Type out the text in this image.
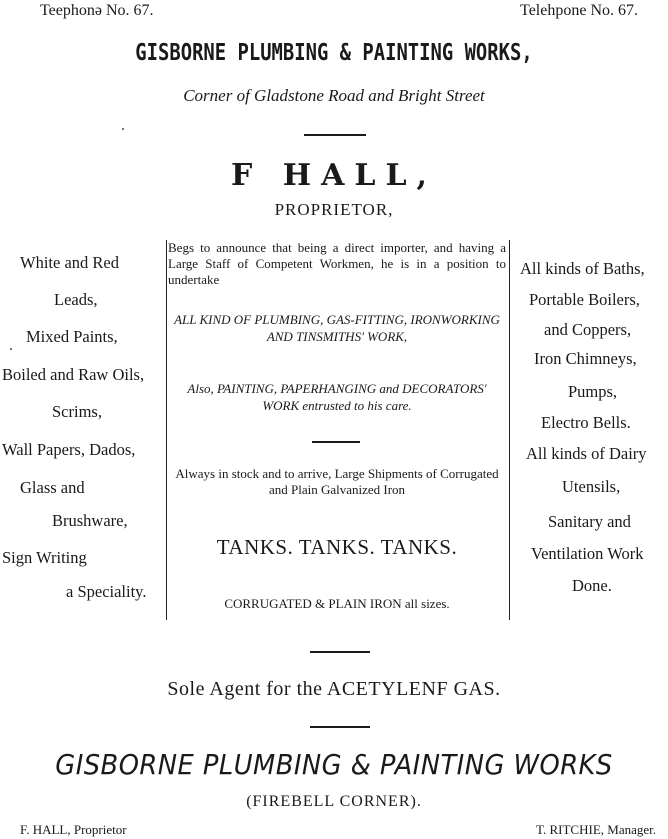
Teephonə No. 67.	Telehpone No. 67.
GISBORNE PLUMBING & PAINTING WORKS,
Corner of Gladstone Road and Bright Street
F HALL,
PROPRIETOR,
White and Red
Leads,
Mixed Paints,
Boiled and Raw Oils,
Scrims,
Wall Papers, Dados,
Glass and
Brushware,
Sign Writing
a Speciality.
Begs to announce that being a direct importer, and having a Large Staff of Competent Workmen, he is in a position to undertake
ALL KIND OF PLUMBING, GAS-FITTING, IRONWORKING AND TINSMITHS' WORK,
Also, PAINTING, PAPERHANGING and DECORATORS' WORK entrusted to his care.
Always in stock and to arrive, Large Shipments of Corrugated and Plain Galvanized Iron
TANKS. TANKS. TANKS.
CORRUGATED & PLAIN IRON all sizes.
All kinds of Baths,
Portable Boilers,
and Coppers,
Iron Chimneys,
Pumps,
Electro Bells.
All kinds of Dairy
Utensils,
Sanitary and
Ventilation Work
Done.
Sole Agent for the ACETYLENF GAS.
GISBORNE PLUMBING & PAINTING WORKS
(FIREBELL CORNER).
F. HALL, Proprietor	T. RITCHIE, Manager.
